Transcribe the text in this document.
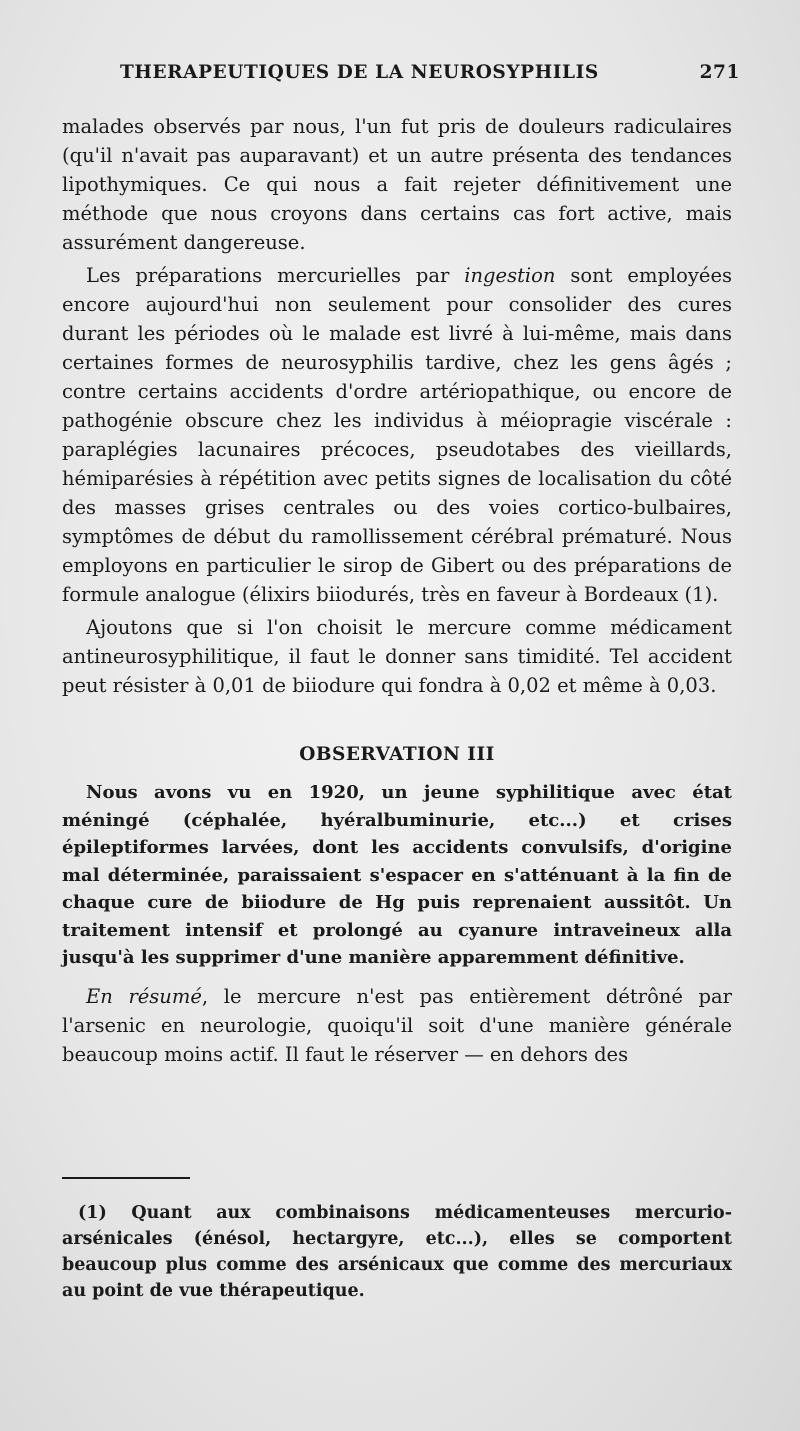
THERAPEUTIQUES DE LA NEUROSYPHILIS	271

malades observés par nous, l'un fut pris de douleurs radiculaires (qu'il n'avait pas auparavant) et un autre présenta des tendances lipothymiques. Ce qui nous a fait rejeter définitivement une méthode que nous croyons dans certains cas fort active, mais assurément dangereuse.

Les préparations mercurielles par ingestion sont employées encore aujourd'hui non seulement pour consolider des cures durant les périodes où le malade est livré à lui-même, mais dans certaines formes de neurosyphilis tardive, chez les gens âgés ; contre certains accidents d'ordre artériopathique, ou encore de pathogénie obscure chez les individus à méiopragie viscérale : paraplégies lacunaires précoces, pseudotabes des vieillards, hémiparésies à répétition avec petits signes de localisation du côté des masses grises centrales ou des voies cortico-bulbaires, symptômes de début du ramollissement cérébral prématuré. Nous employons en particulier le sirop de Gibert ou des préparations de formule analogue (élixirs biiodurés, très en faveur à Bordeaux (1).

Ajoutons que si l'on choisit le mercure comme médicament antineurosyphilitique, il faut le donner sans timidité. Tel accident peut résister à 0,01 de biiodure qui fondra à 0,02 et même à 0,03.

OBSERVATION III

Nous avons vu en 1920, un jeune syphilitique avec état méningé (céphalée, hyéralbuminurie, etc...) et crises épileptiformes larvées, dont les accidents convulsifs, d'origine mal déterminée, paraissaient s'espacer en s'atténuant à la fin de chaque cure de biiodure de Hg puis reprenaient aussitôt. Un traitement intensif et prolongé au cyanure intraveineux alla jusqu'à les supprimer d'une manière apparemment définitive.

En résumé, le mercure n'est pas entièrement détrôné par l'arsenic en neurologie, quoiqu'il soit d'une manière générale beaucoup moins actif. Il faut le réserver — en dehors des

(1) Quant aux combinaisons médicamenteuses mercurio-arsénicales (énésol, hectargyre, etc...), elles se comportent beaucoup plus comme des arsénicaux que comme des mercuriaux au point de vue thérapeutique.
